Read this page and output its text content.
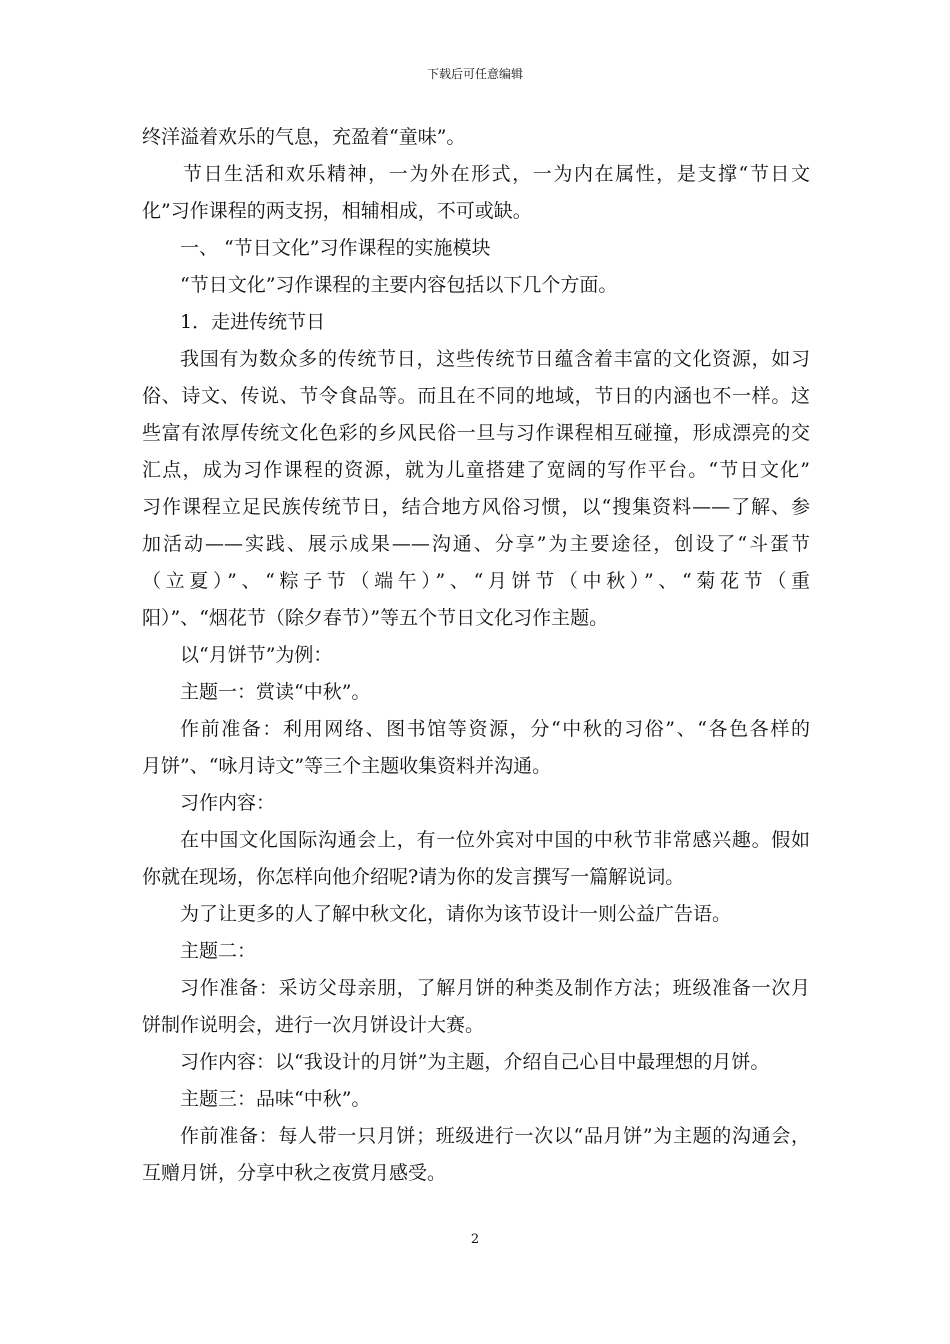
下载后可任意编辑
终洋溢着欢乐的气息，充盈着“童味”。
节日生活和欢乐精神，一为外在形式，一为内在属性，是支撑“节日文
化”习作课程的两支拐，相辅相成，不可或缺。
一、 “节日文化”习作课程的实施模块
“节日文化”习作课程的主要内容包括以下几个方面。
1．走进传统节日
我国有为数众多的传统节日，这些传统节日蕴含着丰富的文化资源，如习
俗、诗文、传说、节令食品等。而且在不同的地域，节日的内涵也不一样。这
些富有浓厚传统文化色彩的乡风民俗一旦与习作课程相互碰撞，形成漂亮的交
汇点，成为习作课程的资源，就为儿童搭建了宽阔的写作平台。“节日文化”
习作课程立足民族传统节日，结合地方风俗习惯，以“搜集资料——了解、参
加活动——实践、展示成果——沟通、分享”为主要途径，创设了“斗蛋节
（立夏）”、“粽子节（端午）”、“月饼节（中秋）”、“菊花节（重
阳）”、“烟花节（除夕春节）”等五个节日文化习作主题。
以“月饼节”为例：
主题一：赏读“中秋”。
作前准备：利用网络、图书馆等资源，分“中秋的习俗”、“各色各样的
月饼”、“咏月诗文”等三个主题收集资料并沟通。
习作内容：
在中国文化国际沟通会上，有一位外宾对中国的中秋节非常感兴趣。假如
你就在现场，你怎样向他介绍呢?请为你的发言撰写一篇解说词。
为了让更多的人了解中秋文化，请你为该节设计一则公益广告语。
主题二：
习作准备：采访父母亲朋，了解月饼的种类及制作方法；班级准备一次月
饼制作说明会，进行一次月饼设计大赛。
习作内容：以“我设计的月饼”为主题，介绍自己心目中最理想的月饼。
主题三：品味“中秋”。
作前准备：每人带一只月饼；班级进行一次以“品月饼”为主题的沟通会，
互赠月饼，分享中秋之夜赏月感受。
2
